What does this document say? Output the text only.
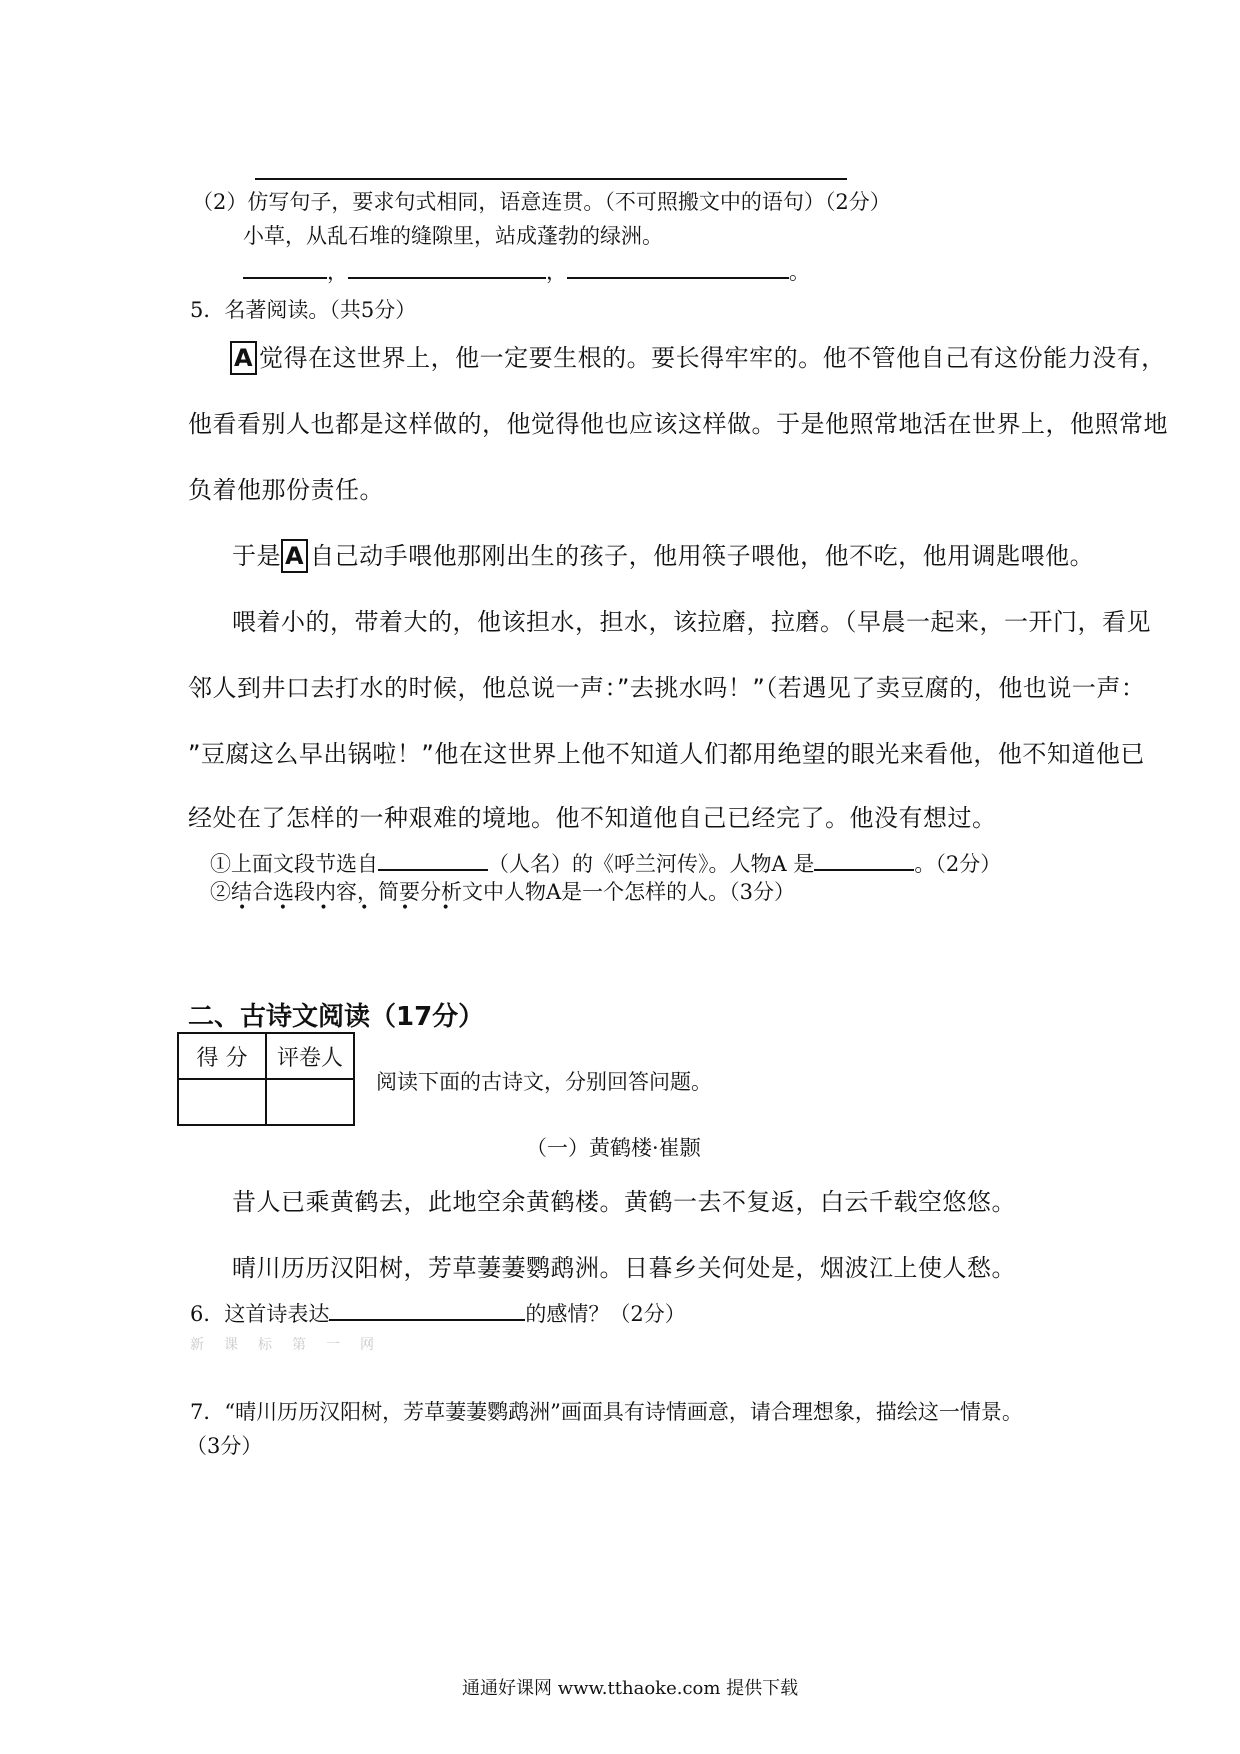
（2）仿写句子，要求句式相同，语意连贯。（不可照搬文中的语句）（2分）
小草，从乱石堆的缝隙里，站成蓬勃的绿洲。
，	，	。
5．名著阅读。（共5分）
A 觉得在这世界上，他一定要生根的。要长得牢牢的。他不管他自己有这份能力没有，
他看看别人也都是这样做的，他觉得他也应该这样做。于是他照常地活在世界上，他照常地
负着他那份责任。
于是 A 自己动手喂他那刚出生的孩子，他用筷子喂他，他不吃，他用调匙喂他。
喂着小的，带着大的，他该担水，担水，该拉磨，拉磨。（早晨一起来，一开门，看见
邻人到井口去打水的时候，他总说一声：”去挑水吗！”（若遇见了卖豆腐的，他也说一声：
”豆腐这么早出锅啦！”他在这世界上他不知道人们都用绝望的眼光来看他，他不知道他已
经处在了怎样的一种艰难的境地。他不知道他自己已经完了。他没有想过。
①上面文段节选自	（人名）的《呼兰河传》。人物A 是	。（2分）
②结合选段内容，简要分析文中人物A是一个怎样的人。（3分）
• • • • • •
二、古诗文阅读（17分）
得 分	评卷人

阅读下面的古诗文，分别回答问题。
（一）黄鹤楼·崔颢
昔人已乘黄鹤去，此地空余黄鹤楼。黄鹤一去不复返，白云千载空悠悠。
晴川历历汉阳树，芳草萋萋鹦鹉洲。日暮乡关何处是，烟波江上使人愁。
6．这首诗表达	的感情？（2分）
新课标第一网
7．“晴川历历汉阳树，芳草萋萋鹦鹉洲”画面具有诗情画意，请合理想象，描绘这一情景。
（3分）
通通好课网 www.tthaoke.com 提供下载
